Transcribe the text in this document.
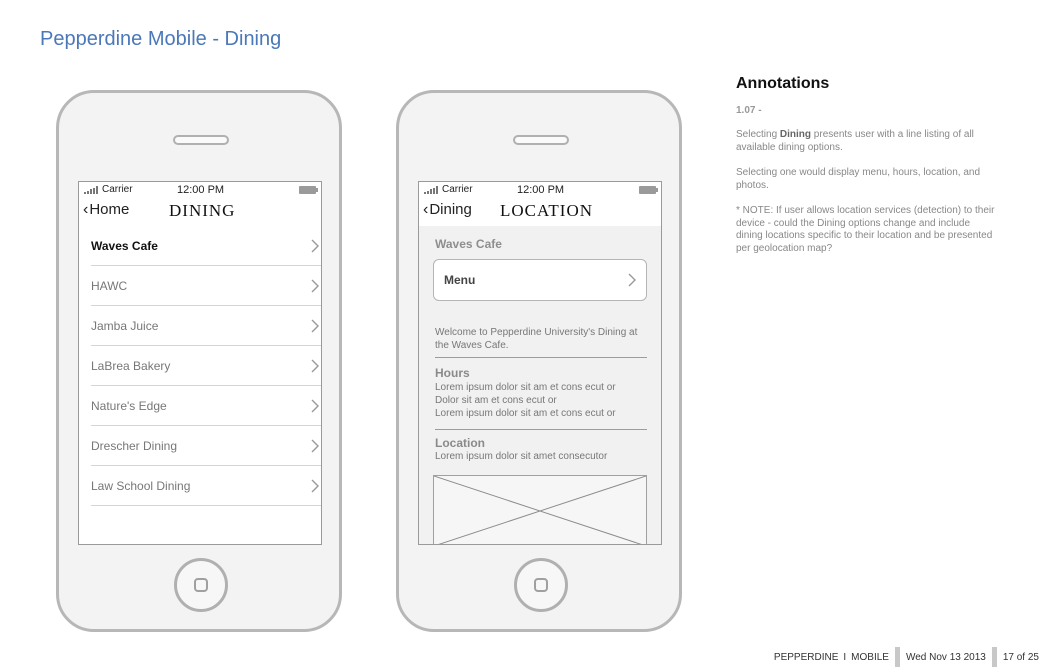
Pepperdine Mobile - Dining
Carrier	12:00 PM
‹Home DINING
Waves Cafe
HAWC
Jamba Juice
LaBrea Bakery
Nature's Edge
Drescher Dining
Law School Dining
Carrier	12:00 PM
‹Dining LOCATION
Waves Cafe
Menu
Welcome to Pepperdine University's Dining at the Waves Cafe.
Hours
Lorem ipsum dolor sit am et cons ecut or
Dolor sit am et cons ecut or
Lorem ipsum dolor sit am et cons ecut or
Location
Lorem ipsum dolor sit amet consecutor
Annotations
1.07 -
Selecting Dining presents user with a line listing of all available dining options.
Selecting one would display menu, hours, location, and photos.
* NOTE: If user allows location services (detection) to their device - could the Dining options change and include dining locations specific to their location and be presented per geolocation map?
PEPPERDINE I MOBILE Wed Nov 13 2013 17 of 25
